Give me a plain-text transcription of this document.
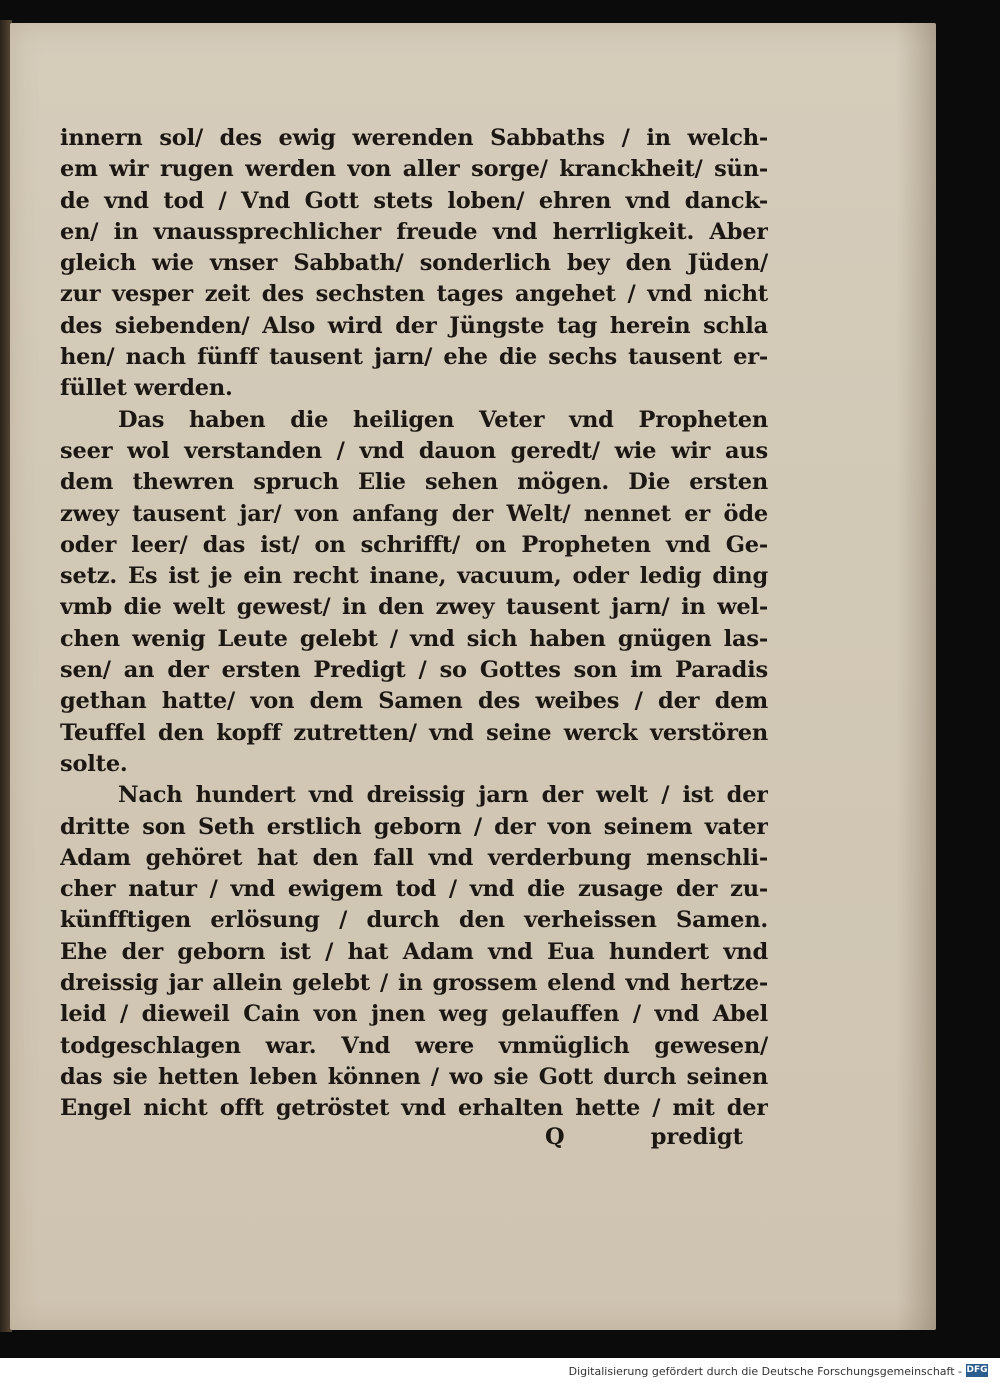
innern sol/ des ewig werenden Sabbaths / in welch-
em wir rugen werden von aller sorge/ kranckheit/ sün-
de vnd tod / Vnd Gott stets loben/ ehren vnd danck-
en/ in vnaussprechlicher freude vnd herrligkeit. Aber
gleich wie vnser Sabbath/ sonderlich bey den Jüden/
zur vesper zeit des sechsten tages angehet / vnd nicht
des siebenden/ Also wird der Jüngste tag herein schla
hen/ nach fünff tausent jarn/ ehe die sechs tausent er-
füllet werden.
Das haben die heiligen Veter vnd Propheten
seer wol verstanden / vnd dauon geredt/ wie wir aus
dem thewren spruch Elie sehen mögen. Die ersten
zwey tausent jar/ von anfang der Welt/ nennet er öde
oder leer/ das ist/ on schrifft/ on Propheten vnd Ge-
setz. Es ist je ein recht inane, vacuum, oder ledig ding
vmb die welt gewest/ in den zwey tausent jarn/ in wel-
chen wenig Leute gelebt / vnd sich haben gnügen las-
sen/ an der ersten Predigt / so Gottes son im Paradis
gethan hatte/ von dem Samen des weibes / der dem
Teuffel den kopff zutretten/ vnd seine werck verstören
solte.
Nach hundert vnd dreissig jarn der welt / ist der
dritte son Seth erstlich geborn / der von seinem vater
Adam gehöret hat den fall vnd verderbung menschli-
cher natur / vnd ewigem tod / vnd die zusage der zu-
künfftigen erlösung / durch den verheissen Samen.
Ehe der geborn ist / hat Adam vnd Eua hundert vnd
dreissig jar allein gelebt / in grossem elend vnd hertze-
leid / dieweil Cain von jnen weg gelauffen / vnd Abel
todgeschlagen war. Vnd were vnmüglich gewesen/
das sie hetten leben können / wo sie Gott durch seinen
Engel nicht offt getröstet vnd erhalten hette / mit der
Q	predigt
Digitalisierung gefördert durch die Deutsche Forschungsgemeinschaft - DFG
